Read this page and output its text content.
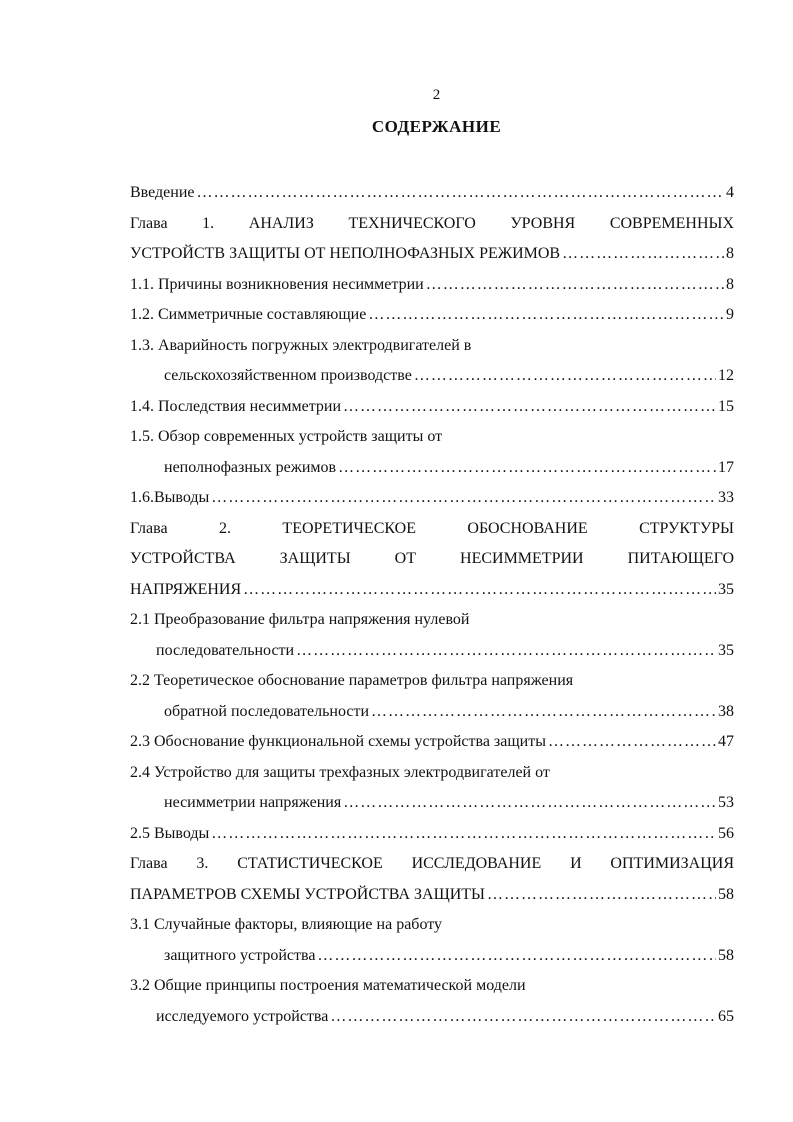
2
СОДЕРЖАНИЕ
Введение ……………………………………………………………………………………………………………………………………………………	4
Глава 1. АНАЛИЗ ТЕХНИЧЕСКОГО УРОВНЯ СОВРЕМЕННЫХ
УСТРОЙСТВ ЗАЩИТЫ ОТ НЕПОЛНОФАЗНЫХ РЕЖИМОВ ……………………………………………………………………………………………………………………………………………………	8
1.1. Причины возникновения несимметрии ……………………………………………………………………………………………………………………………………………………	8
1.2. Симметричные составляющие ……………………………………………………………………………………………………………………………………………………	9
1.3. Аварийность погружных электродвигателей в
сельскохозяйственном производстве ……………………………………………………………………………………………………………………………………………………	12
1.4. Последствия несимметрии ……………………………………………………………………………………………………………………………………………………	15
1.5. Обзор современных устройств защиты от
неполнофазных режимов ……………………………………………………………………………………………………………………………………………………	17
1.6.Выводы ……………………………………………………………………………………………………………………………………………………	33
Глава 2. ТЕОРЕТИЧЕСКОЕ ОБОСНОВАНИЕ СТРУКТУРЫ
УСТРОЙСТВА ЗАЩИТЫ ОТ НЕСИММЕТРИИ ПИТАЮЩЕГО
НАПРЯЖЕНИЯ ……………………………………………………………………………………………………………………………………………………	35
2.1 Преобразование фильтра напряжения нулевой
последовательности ……………………………………………………………………………………………………………………………………………………	35
2.2 Теоретическое обоснование параметров фильтра напряжения
обратной последовательности ……………………………………………………………………………………………………………………………………………………	38
2.3 Обоснование функциональной схемы устройства защиты ……………………………………………………………………………………………………………………………………………………	47
2.4 Устройство для защиты трехфазных электродвигателей от
несимметрии напряжения ……………………………………………………………………………………………………………………………………………………	53
2.5 Выводы ……………………………………………………………………………………………………………………………………………………	56
Глава 3. СТАТИСТИЧЕСКОЕ ИССЛЕДОВАНИЕ И ОПТИМИЗАЦИЯ
ПАРАМЕТРОВ СХЕМЫ УСТРОЙСТВА ЗАЩИТЫ ……………………………………………………………………………………………………………………………………………………	58
3.1 Случайные факторы, влияющие на работу
защитного устройства ……………………………………………………………………………………………………………………………………………………	58
3.2 Общие принципы построения математической модели
исследуемого устройства ……………………………………………………………………………………………………………………………………………………	65
